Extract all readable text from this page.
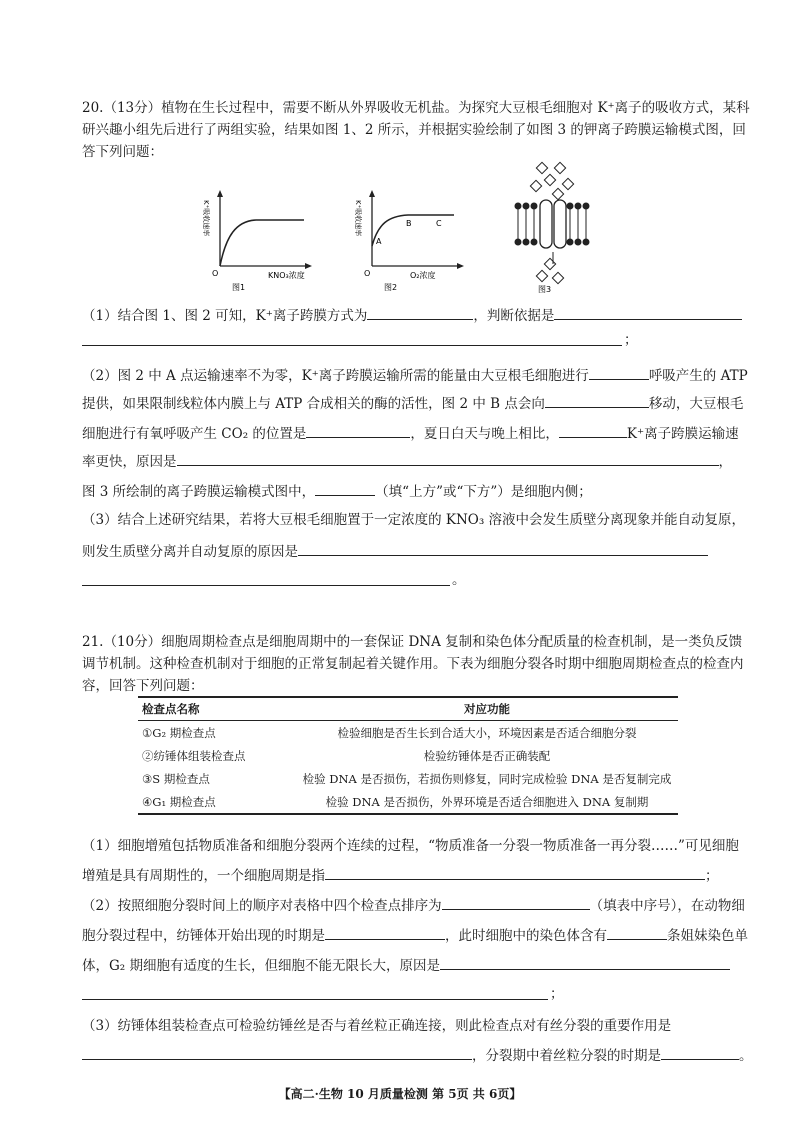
20.（13分）植物在生长过程中，需要不断从外界吸收无机盐。为探究大豆根毛细胞对 K⁺离子的吸收方式，某科
研兴趣小组先后进行了两组实验，结果如图 1、2 所示，并根据实验绘制了如图 3 的钾离子跨膜运输模式图，回
答下列问题：
K⁺吸收速率
O	KNO₃浓度
图1
K⁺吸收速率
O
A
B	C
O₂浓度
图2	图3
（1）结合图 1、图 2 可知，K⁺离子跨膜方式为	，判断依据是
；
（2）图 2 中 A 点运输速率不为零，K⁺离子跨膜运输所需的能量由大豆根毛细胞进行	呼吸产生的 ATP
提供，如果限制线粒体内膜上与 ATP 合成相关的酶的活性，图 2 中 B 点会向	移动，大豆根毛
细胞进行有氧呼吸产生 CO₂ 的位置是	，夏日白天与晚上相比，	K⁺离子跨膜运输速
率更快，原因是	，
图 3 所绘制的离子跨膜运输模式图中，	（填“上方”或“下方”）是细胞内侧；
（3）结合上述研究结果，若将大豆根毛细胞置于一定浓度的 KNO₃ 溶液中会发生质壁分离现象并能自动复原，
则发生质壁分离并自动复原的原因是
。
21.（10分）细胞周期检查点是细胞周期中的一套保证 DNA 复制和染色体分配质量的检查机制，是一类负反馈
调节机制。这种检查机制对于细胞的正常复制起着关键作用。下表为细胞分裂各时期中细胞周期检查点的检查内
容，回答下列问题：
检查点名称	对应功能
①G₂ 期检查点	检验细胞是否生长到合适大小，环境因素是否适合细胞分裂
②纺锤体组装检查点	检验纺锤体是否正确装配
③S 期检查点	检验 DNA 是否损伤，若损伤则修复，同时完成检验 DNA 是否复制完成
④G₁ 期检查点	检验 DNA 是否损伤，外界环境是否适合细胞进入 DNA 复制期
（1）细胞增殖包括物质准备和细胞分裂两个连续的过程，“物质准备一分裂一物质准备一再分裂……”可见细胞
增殖是具有周期性的，一个细胞周期是指	；
（2）按照细胞分裂时间上的顺序对表格中四个检查点排序为	（填表中序号），在动物细
胞分裂过程中，纺锤体开始出现的时期是	，此时细胞中的染色体含有	条姐妹染色单
体，G₂ 期细胞有适度的生长，但细胞不能无限长大，原因是
；
（3）纺锤体组装检查点可检验纺锤丝是否与着丝粒正确连接，则此检查点对有丝分裂的重要作用是
，分裂期中着丝粒分裂的时期是	。
【高二·生物 10 月质量检测 第 5页 共 6页】
